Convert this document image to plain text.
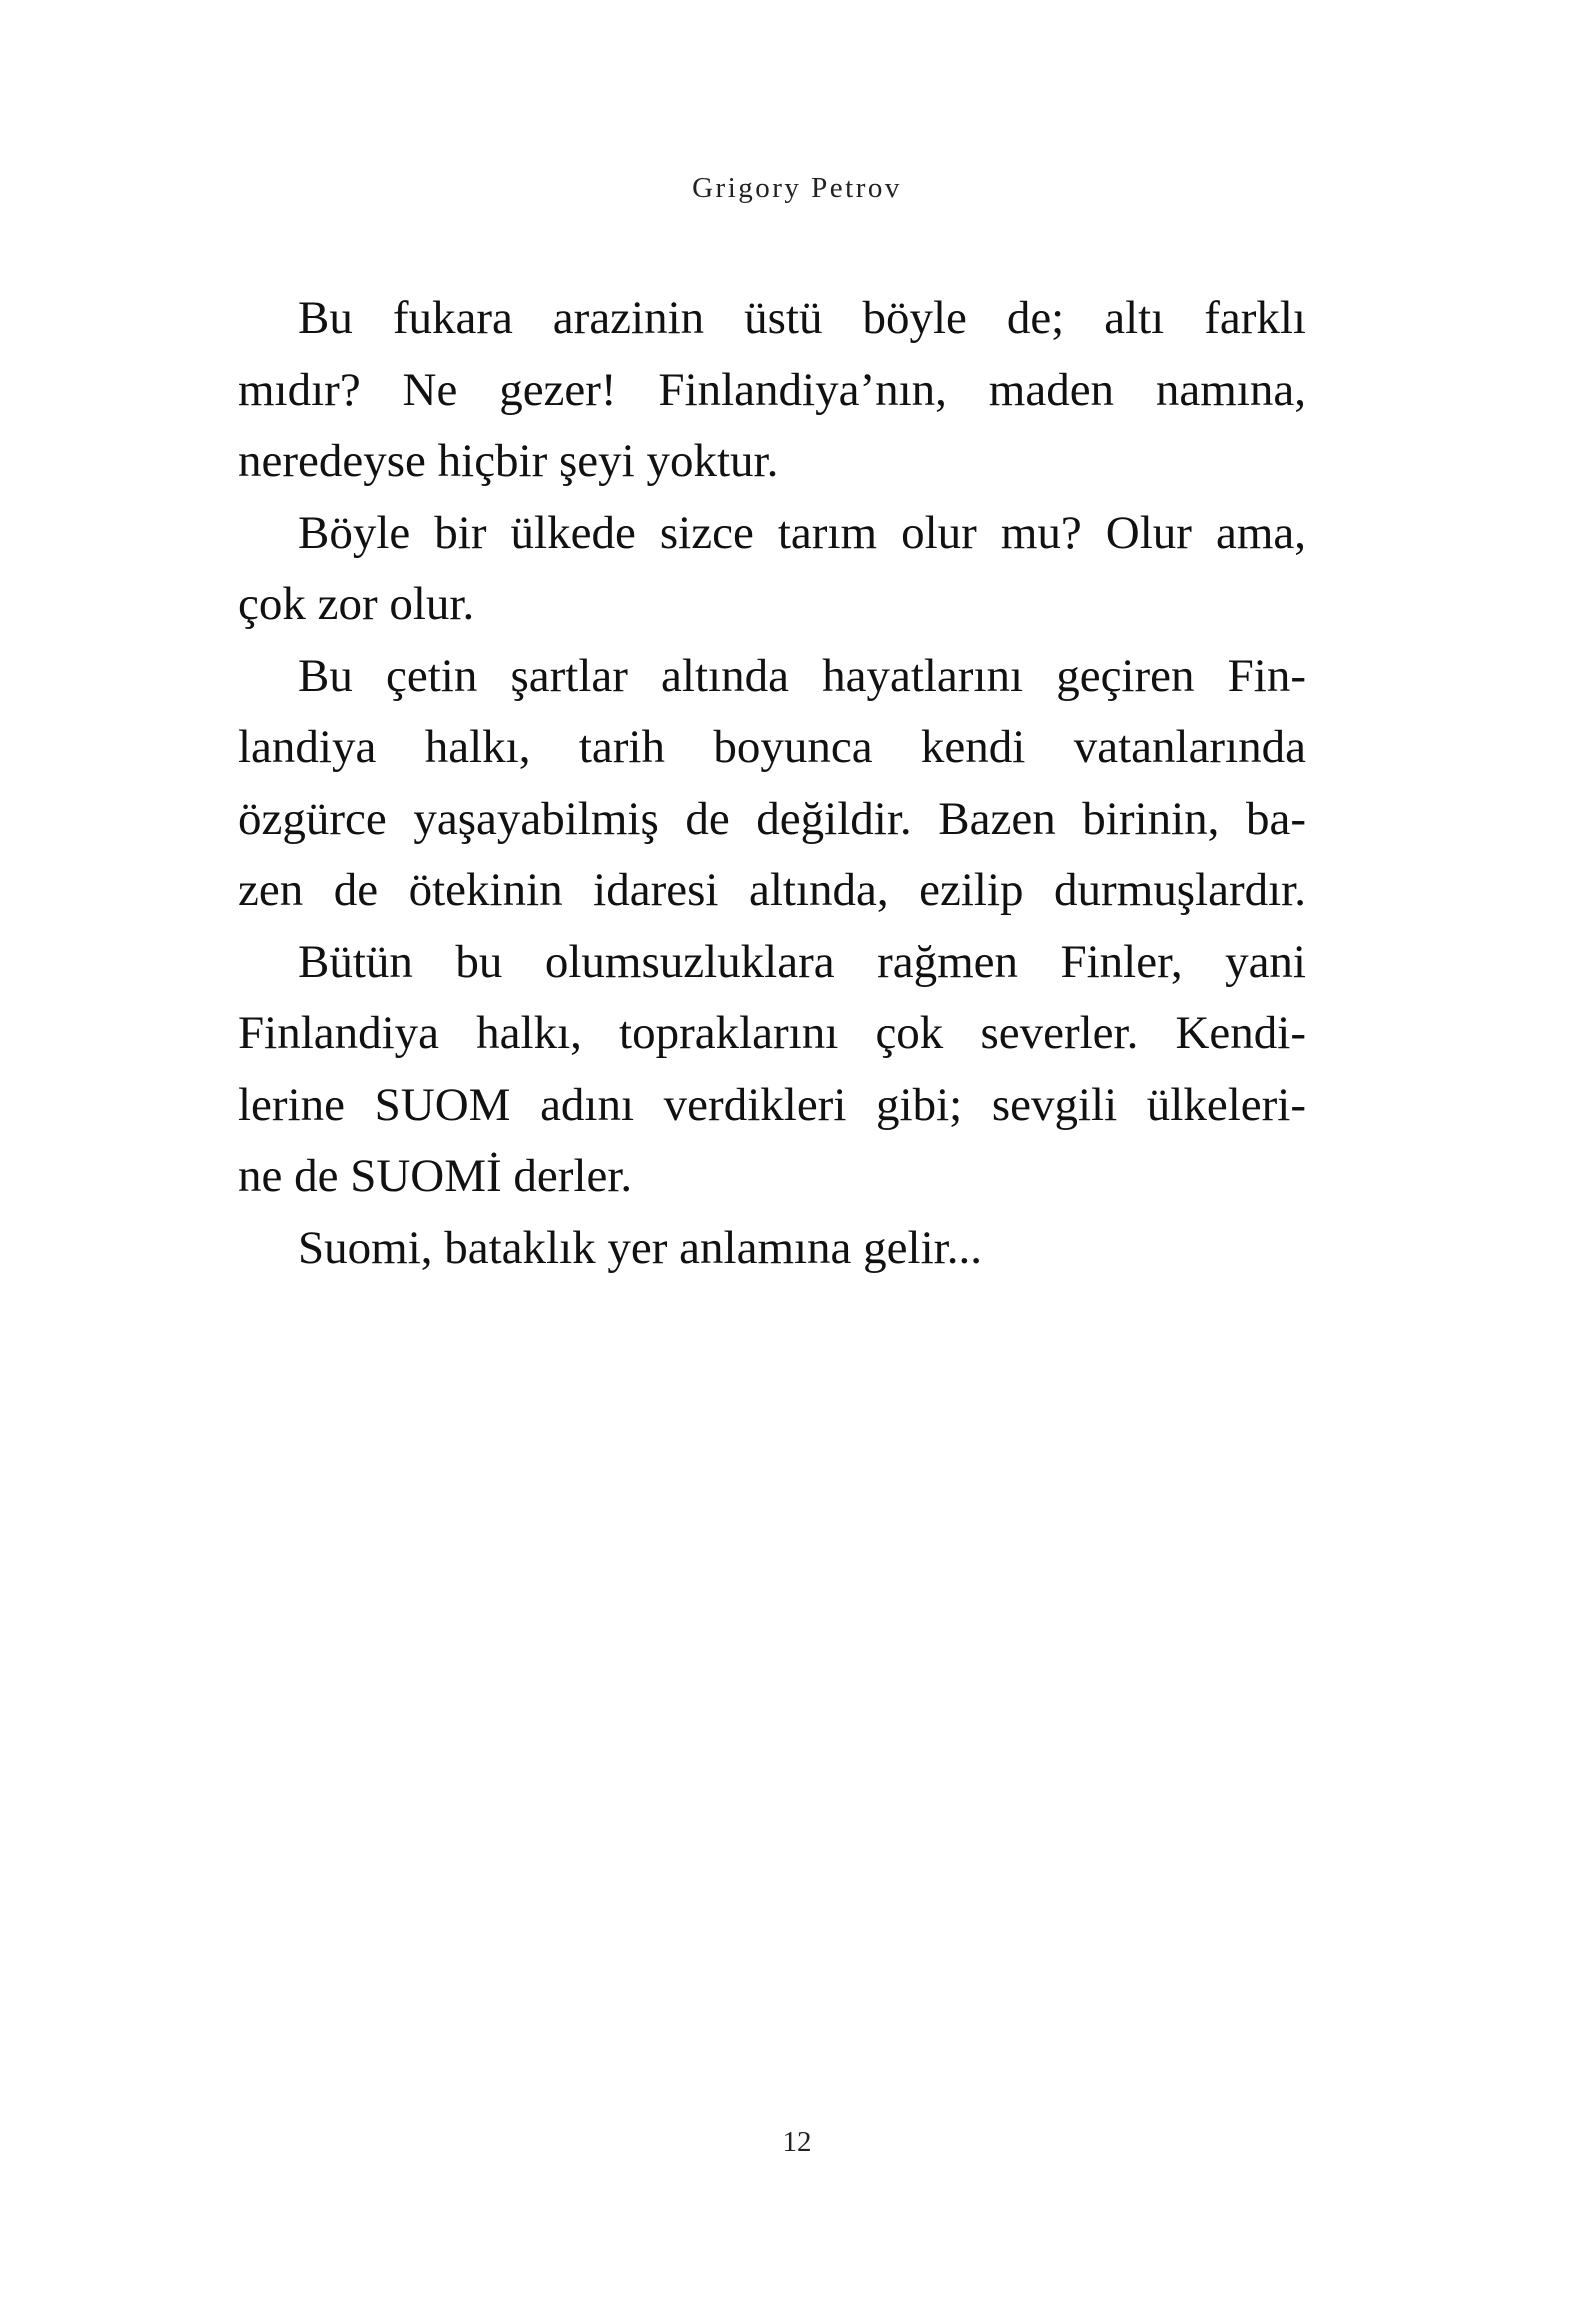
Grigory Petrov
Bu fukara arazinin üstü böyle de; altı farklı
mıdır? Ne gezer! Finlandiya’nın, maden namına,
neredeyse hiçbir şeyi yoktur.
Böyle bir ülkede sizce tarım olur mu? Olur ama,
çok zor olur.
Bu çetin şartlar altında hayatlarını geçiren Fin-
landiya halkı, tarih boyunca kendi vatanlarında
özgürce yaşayabilmiş de değildir. Bazen birinin, ba-
zen de ötekinin idaresi altında, ezilip durmuşlardır.
Bütün bu olumsuzluklara rağmen Finler, yani
Finlandiya halkı, topraklarını çok severler. Kendi-
lerine SUOM adını verdikleri gibi; sevgili ülkeleri-
ne de SUOMİ derler.
Suomi, bataklık yer anlamına gelir...
12
